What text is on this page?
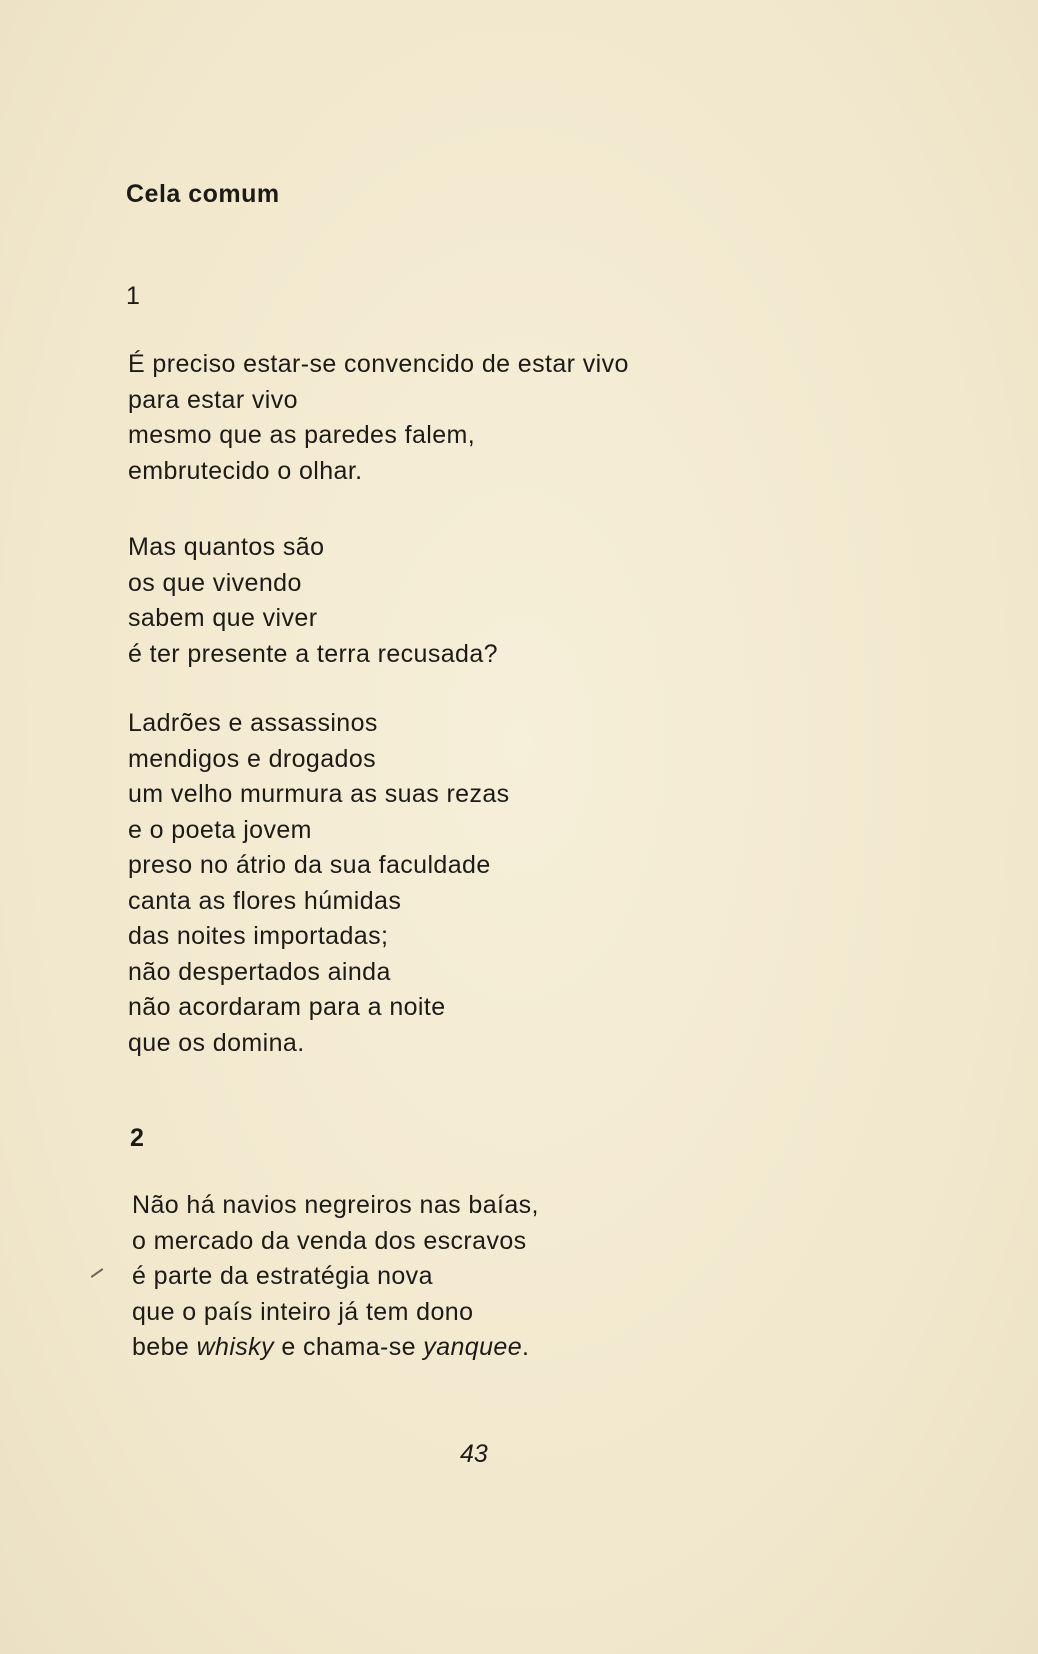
Cela comum
1
É preciso estar-se convencido de estar vivo
para estar vivo
mesmo que as paredes falem,
embrutecido o olhar.
Mas quantos são
os que vivendo
sabem que viver
é ter presente a terra recusada?
Ladrões e assassinos
mendigos e drogados
um velho murmura as suas rezas
e o poeta jovem
preso no átrio da sua faculdade
canta as flores húmidas
das noites importadas;
não despertados ainda
não acordaram para a noite
que os domina.
2
Não há navios negreiros nas baías,
o mercado da venda dos escravos
é parte da estratégia nova
que o país inteiro já tem dono
bebe whisky e chama-se yanquee.
43
